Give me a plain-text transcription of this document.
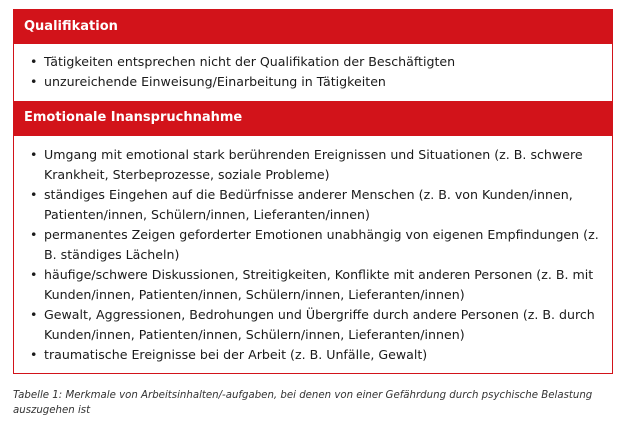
Qualifikation
• Tätigkeiten entsprechen nicht der Qualifikation der Beschäftigten
• unzureichende Einweisung/Einarbeitung in Tätigkeiten
Emotionale Inanspruchnahme
• Umgang mit emotional stark berührenden Ereignissen und Situationen (z. B. schwere Krankheit, Sterbeprozesse, soziale Probleme)
• ständiges Eingehen auf die Bedürfnisse anderer Menschen (z. B. von Kunden/innen, Patienten/innen, Schülern/innen, Lieferanten/innen)
• permanentes Zeigen geforderter Emotionen unabhängig von eigenen Empfindungen (z. B. ständiges Lächeln)
• häufige/schwere Diskussionen, Streitigkeiten, Konflikte mit anderen Personen (z. B. mit Kunden/innen, Patienten/innen, Schülern/innen, Lieferanten/innen)
• Gewalt, Aggressionen, Bedrohungen und Übergriffe durch andere Personen (z. B. durch Kunden/innen, Patienten/innen, Schülern/innen, Lieferanten/innen)
• traumatische Ereignisse bei der Arbeit (z. B. Unfälle, Gewalt)
Tabelle 1: Merkmale von Arbeitsinhalten/-aufgaben, bei denen von einer Gefährdung durch psychische Belastung auszugehen ist
